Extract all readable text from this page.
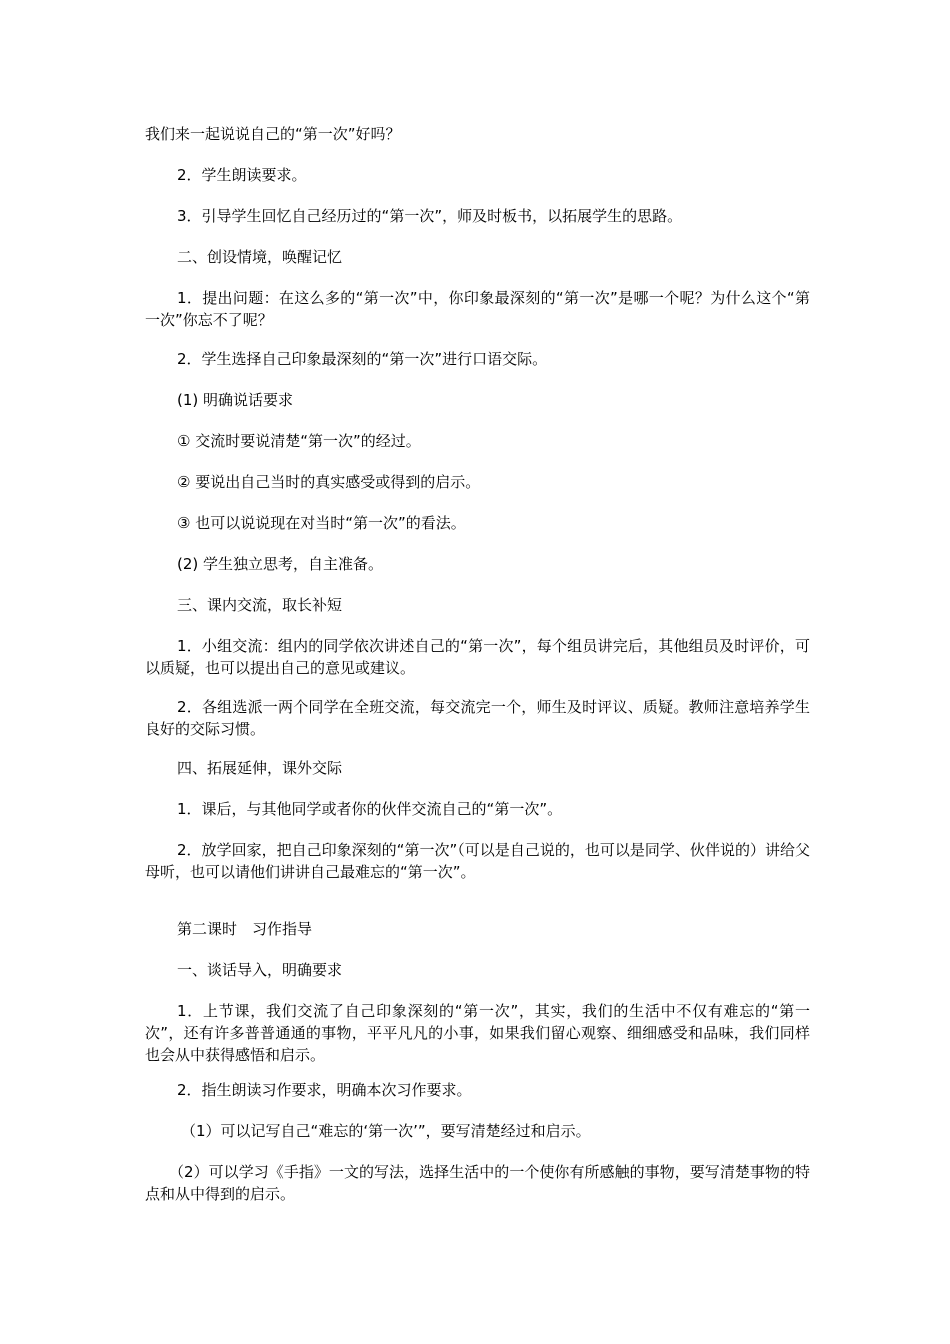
我们来一起说说自己的“第一次”好吗？

2．学生朗读要求。

3．引导学生回忆自己经历过的“第一次”，师及时板书，以拓展学生的思路。

二、创设情境，唤醒记忆

1．提出问题：在这么多的“第一次”中，你印象最深刻的“第一次”是哪一个呢？为什么这个“第一次”你忘不了呢？

2．学生选择自己印象最深刻的“第一次”进行口语交际。

(1) 明确说话要求

① 交流时要说清楚“第一次”的经过。

② 要说出自己当时的真实感受或得到的启示。

③ 也可以说说现在对当时“第一次”的看法。

(2) 学生独立思考，自主准备。

三、课内交流，取长补短

1．小组交流：组内的同学依次讲述自己的“第一次”，每个组员讲完后，其他组员及时评价，可以质疑，也可以提出自己的意见或建议。

2．各组选派一两个同学在全班交流，每交流完一个，师生及时评议、质疑。教师注意培养学生良好的交际习惯。

四、拓展延伸，课外交际

1．课后，与其他同学或者你的伙伴交流自己的“第一次”。

2．放学回家，把自己印象深刻的“第一次”（可以是自己说的，也可以是同学、伙伴说的）讲给父母听，也可以请他们讲讲自己最难忘的“第一次”。

第二课时　习作指导

一、谈话导入，明确要求

1．上节课，我们交流了自己印象深刻的“第一次”，其实，我们的生活中不仅有难忘的“第一次”，还有许多普普通通的事物，平平凡凡的小事，如果我们留心观察、细细感受和品味，我们同样也会从中获得感悟和启示。

2．指生朗读习作要求，明确本次习作要求。

（1）可以记写自己“难忘的‘第一次’”，要写清楚经过和启示。

（2）可以学习《手指》一文的写法，选择生活中的一个使你有所感触的事物，要写清楚事物的特点和从中得到的启示。
